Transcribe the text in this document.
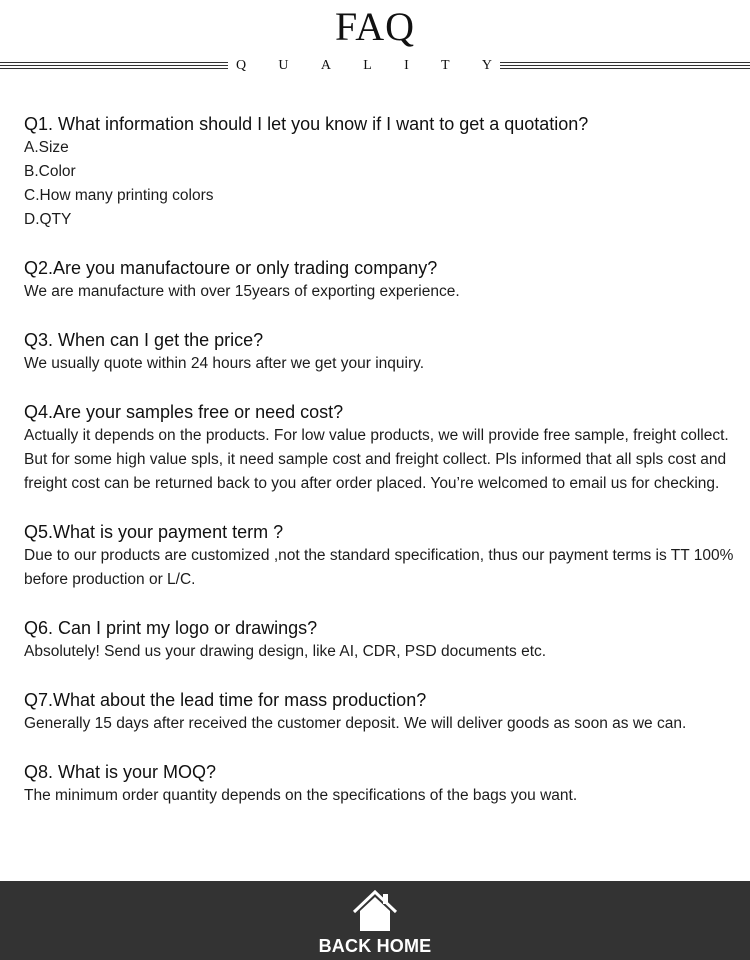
FAQ
Q U A L I T Y
Q1. What information should I let you know if I want to get a quotation?
A.Size
B.Color
C.How many printing colors
D.QTY
Q2.Are you manufactoure or only trading company?
We are manufacture with over 15years of exporting experience.
Q3. When can I get the price?
We usually quote within 24 hours after we get your inquiry.
Q4.Are your samples free or need cost?
Actually it depends on the products. For low value products, we will provide free sample, freight collect. But for some high value spls, it need sample cost and freight collect. Pls informed that all spls cost and freight cost can be returned back to you after order placed. You’re welcomed to email us for checking.
Q5.What is your payment term ?
Due to our products are customized ,not the standard specification, thus our payment terms is TT 100% before production or L/C.
Q6. Can I print my logo or drawings?
Absolutely! Send us your drawing design, like AI, CDR, PSD documents etc.
Q7.What about the lead time for mass production?
Generally 15 days after received the customer deposit. We will deliver goods as soon as we can.
Q8. What is your MOQ?
The minimum order quantity depends on the specifications of the bags you want.
BACK HOME
